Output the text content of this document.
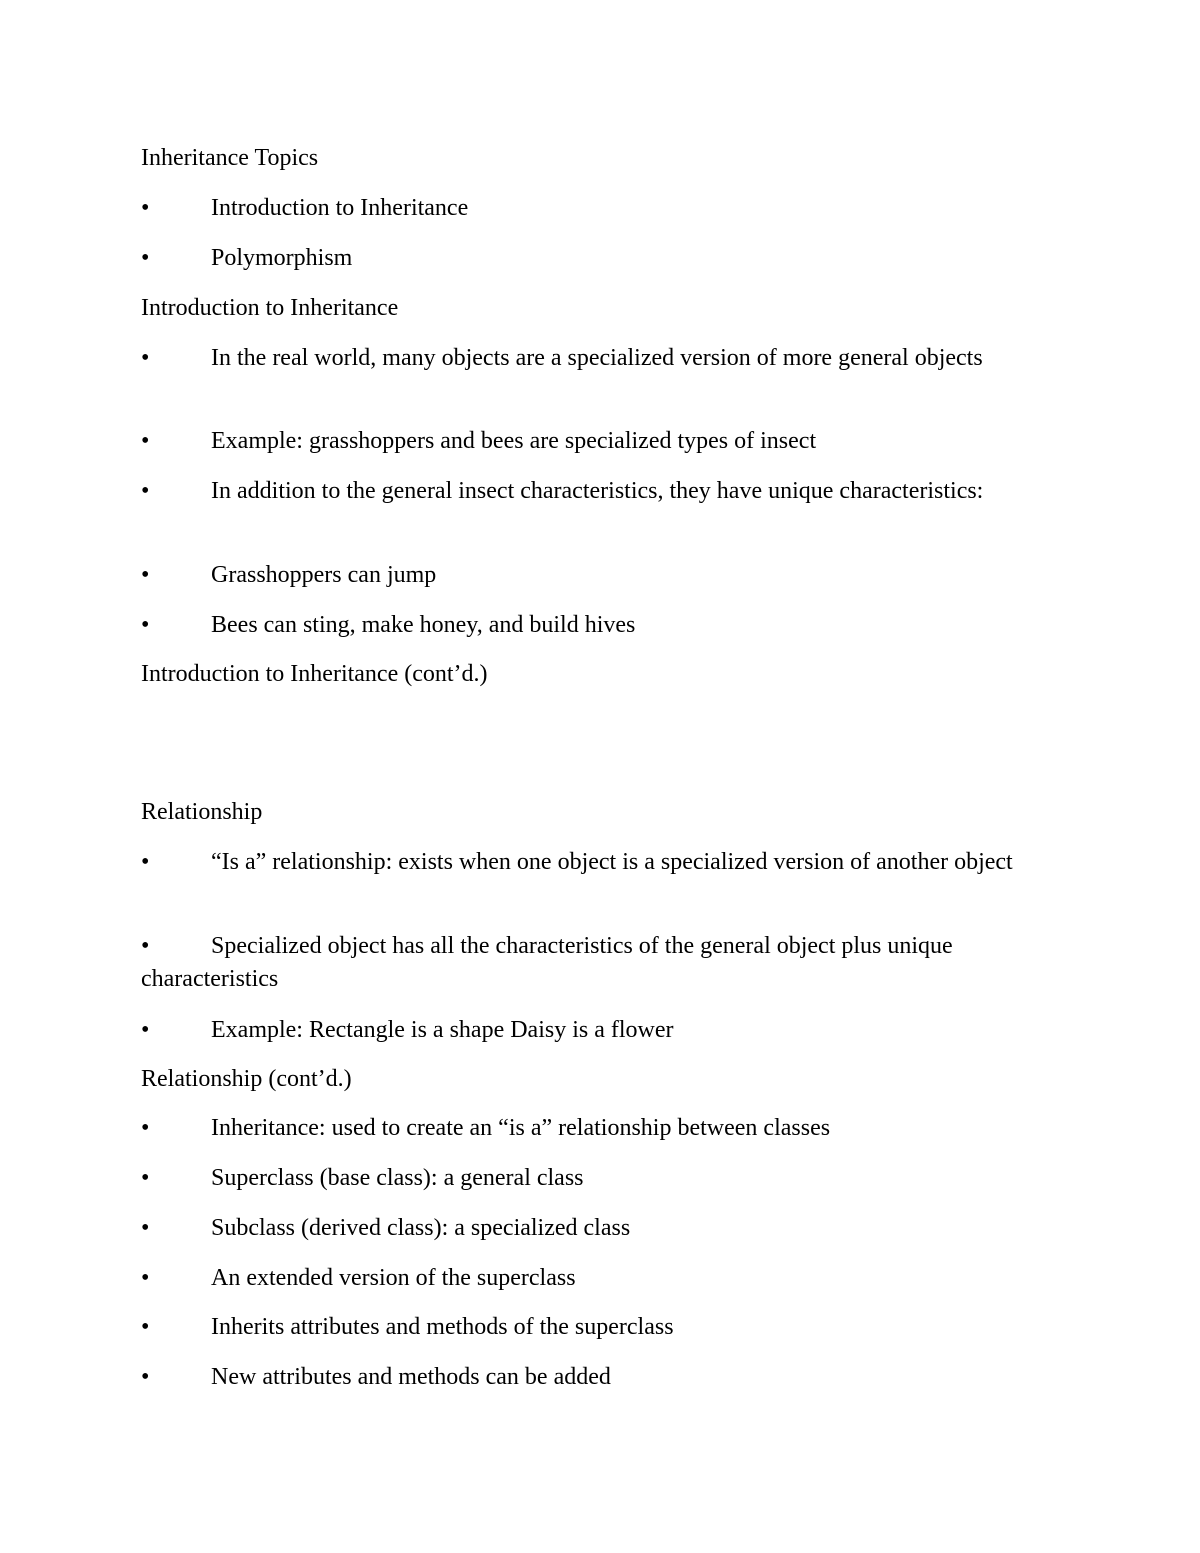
Inheritance Topics
•	Introduction to Inheritance
•	Polymorphism
Introduction to Inheritance
•	In the real world, many objects are a specialized version of more general objects
•	Example: grasshoppers and bees are specialized types of insect
•	In addition to the general insect characteristics, they have unique characteristics:
•	Grasshoppers can jump
•	Bees can sting, make honey, and build hives
Introduction to Inheritance (cont’d.)
Relationship
•	“Is a” relationship: exists when one object is a specialized version of another object
•	Specialized object has all the characteristics of the general object plus unique characteristics
•	Example: Rectangle is a shape Daisy is a flower
Relationship (cont’d.)
•	Inheritance: used to create an “is a” relationship between classes
•	Superclass (base class): a general class
•	Subclass (derived class): a specialized class
•	An extended version of the superclass
•	Inherits attributes and methods of the superclass
•	New attributes and methods can be added
